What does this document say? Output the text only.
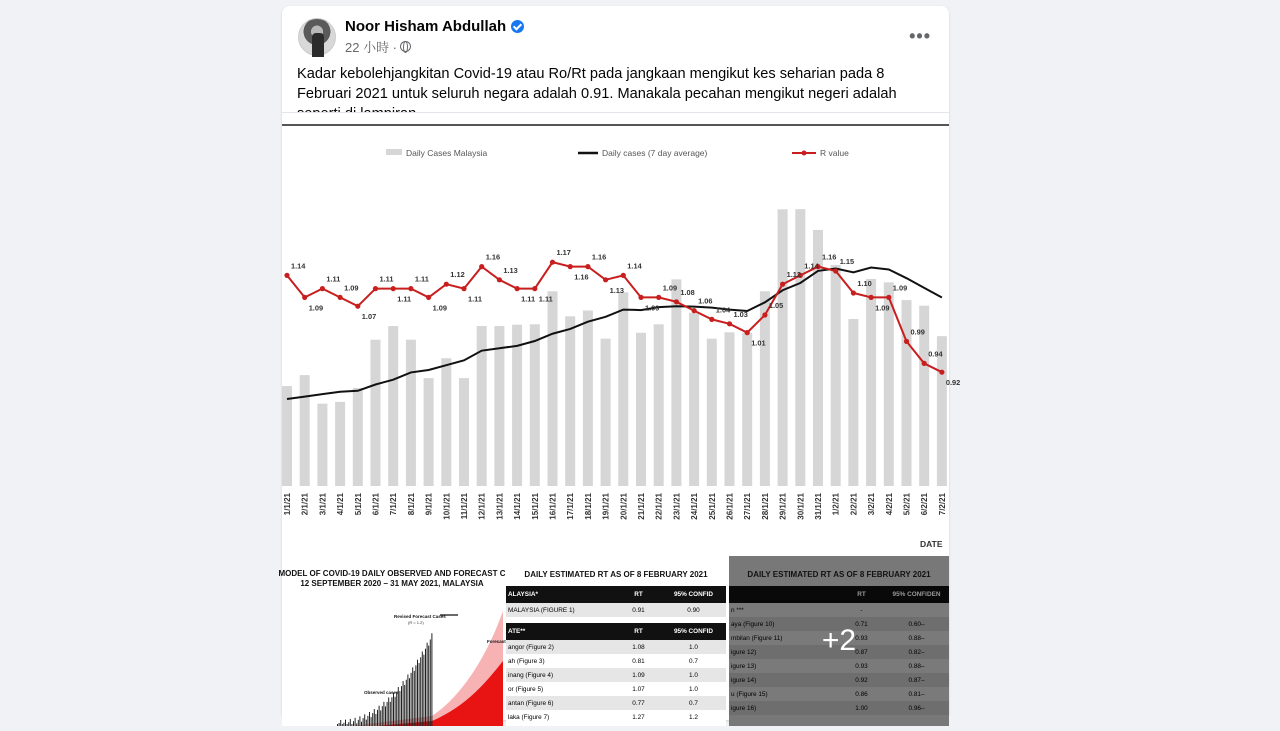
Noor Hisham Abdullah
22 小時 ·
•••
Kadar kebolehjangkitan Covid-19 atau Ro/Rt pada jangkaan mengikut kes seharian pada 8 Februari 2021 untuk seluruh negara adalah 0.91. Manakala pecahan mengikut negeri adalah
Daily Cases Malaysia	Daily cases (7 day average)	R value
1.14
1.09
1.11
1.09
1.07
1.11
1.11
1.11
1.09
1.12
1.11
1.16
1.13
1.11 1.11
1.17
1.16
1.16
1.13
1.14
1.09
1.09 1.08
1.06
1.04 1.03
1.01
1.05
1.12
1.14
1.16 1.15
1.10
1.09
1.09
0.99
0.94
0.92
1/1/21 2/1/21 3/1/21 4/1/21 5/1/21 6/1/21 7/1/21 8/1/21 9/1/21 10/1/21 11/1/21 12/1/21 13/1/21 14/1/21 15/1/21 16/1/21 17/1/21 18/1/21 19/1/21 20/1/21 21/1/21 22/1/21 23/1/21 24/1/21 25/1/21 26/1/21 27/1/21 28/1/21 29/1/21 30/1/21 31/1/21 1/2/21 2/2/21 3/2/21 4/2/21 5/2/21 6/2/21 7/2/21
DATE
MODEL OF COVID-19 DAILY OBSERVED AND FORECAST C
12 SEPTEMBER 2020 – 31 MAY 2021, MALAYSIA
Revised Forecast Cases
(R = 1.2)
Forecast
Observed cases
DAILY ESTIMATED RT AS OF 8 FEBRUARY 2021
ALAYSIA*	RT	95% CONFID
MALAYSIA (FIGURE 1)	0.91	0.90
ATE**	RT	95% CONFID
angor (Figure 2)	1.08	1.0
ah (Figure 3)	0.81	0.7
inang (Figure 4)	1.09	1.0
or (Figure 5)	1.07	1.0
antan (Figure 6)	0.77	0.7
laka (Figure 7)	1.27	1.2
DAILY ESTIMATED RT AS OF 8 FEBRUARY 2021
RT	95% CONFIDEN
n ***	-
aya (Figure 10)	0.71	0.60–
mbilan (Figure 11)	0.93	0.88–
igure 12)	0.87	0.82–
igure 13)	0.93	0.88–
igure 14)	0.92	0.87–
u (Figure 15)	0.86	0.81–
igure 16)	1.00	0.96–
+2
